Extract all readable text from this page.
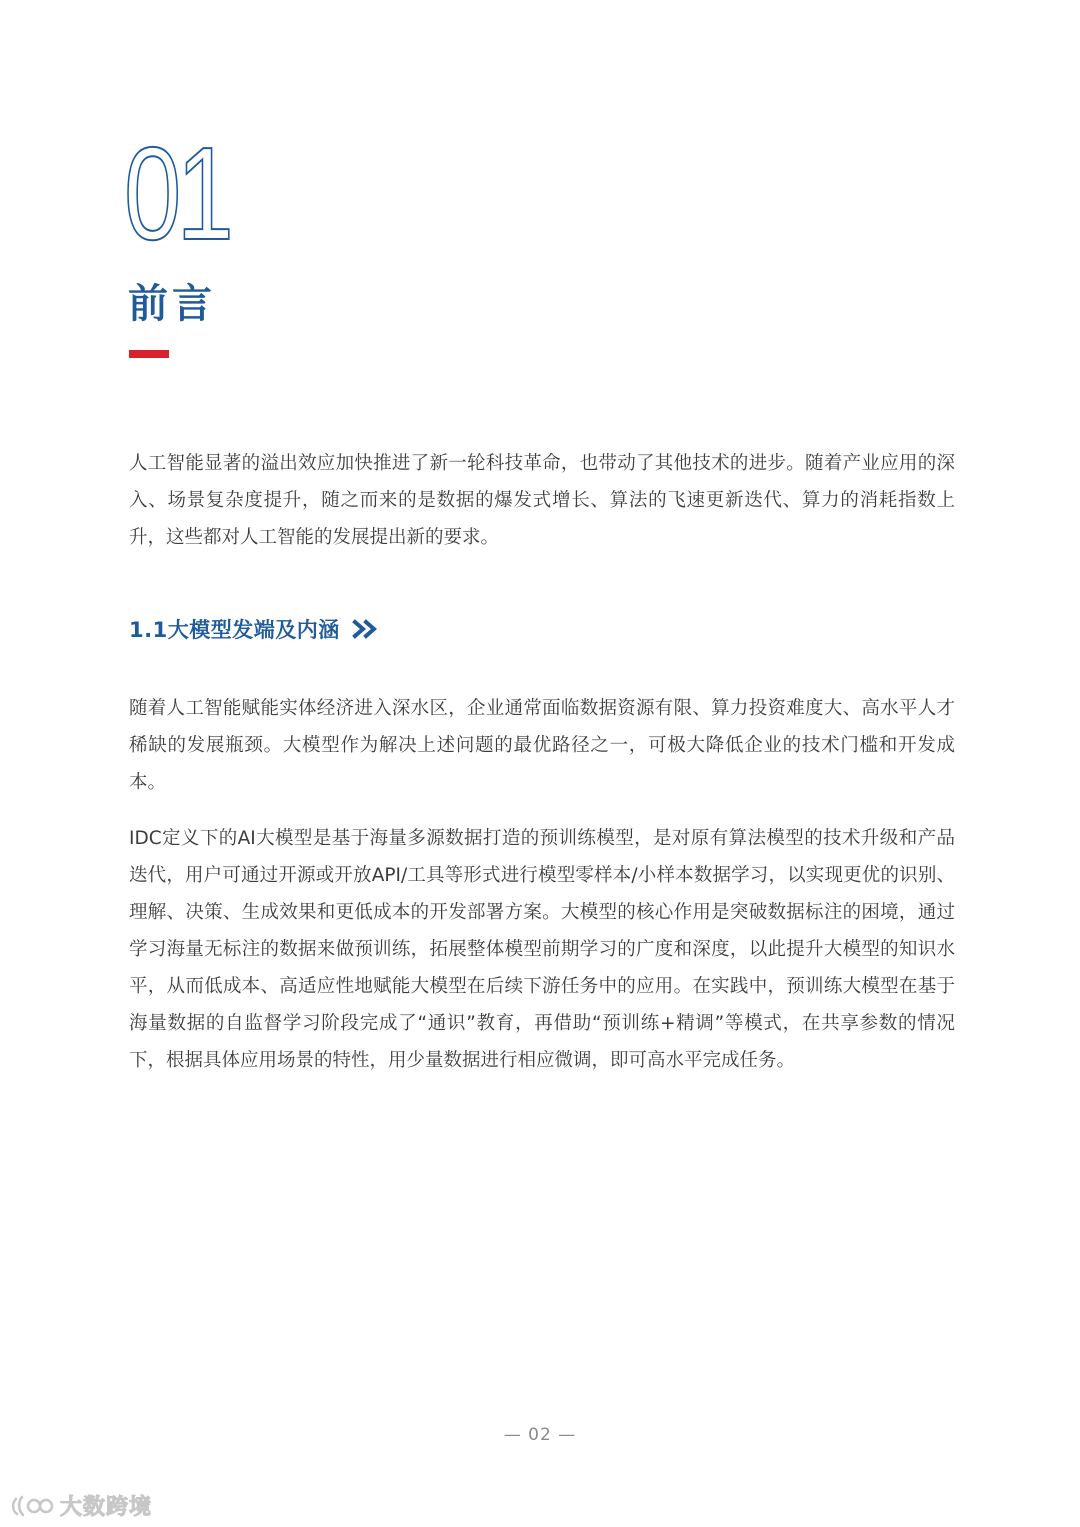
01
前言

人工智能显著的溢出效应加快推进了新一轮科技革命，也带动了其他技术的进步。随着产业应用的深入、场景复杂度提升，随之而来的是数据的爆发式增长、算法的飞速更新迭代、算力的消耗指数上升，这些都对人工智能的发展提出新的要求。

1.1大模型发端及内涵

随着人工智能赋能实体经济进入深水区，企业通常面临数据资源有限、算力投资难度大、高水平人才稀缺的发展瓶颈。大模型作为解决上述问题的最优路径之一，可极大降低企业的技术门槛和开发成本。

IDC定义下的AI大模型是基于海量多源数据打造的预训练模型，是对原有算法模型的技术升级和产品迭代，用户可通过开源或开放API/工具等形式进行模型零样本/小样本数据学习，以实现更优的识别、理解、决策、生成效果和更低成本的开发部署方案。大模型的核心作用是突破数据标注的困境，通过学习海量无标注的数据来做预训练，拓展整体模型前期学习的广度和深度，以此提升大模型的知识水平，从而低成本、高适应性地赋能大模型在后续下游任务中的应用。在实践中，预训练大模型在基于海量数据的自监督学习阶段完成了“通识”教育，再借助“预训练+精调”等模式，在共享参数的情况下，根据具体应用场景的特性，用少量数据进行相应微调，即可高水平完成任务。

— 02 —
大数跨境
